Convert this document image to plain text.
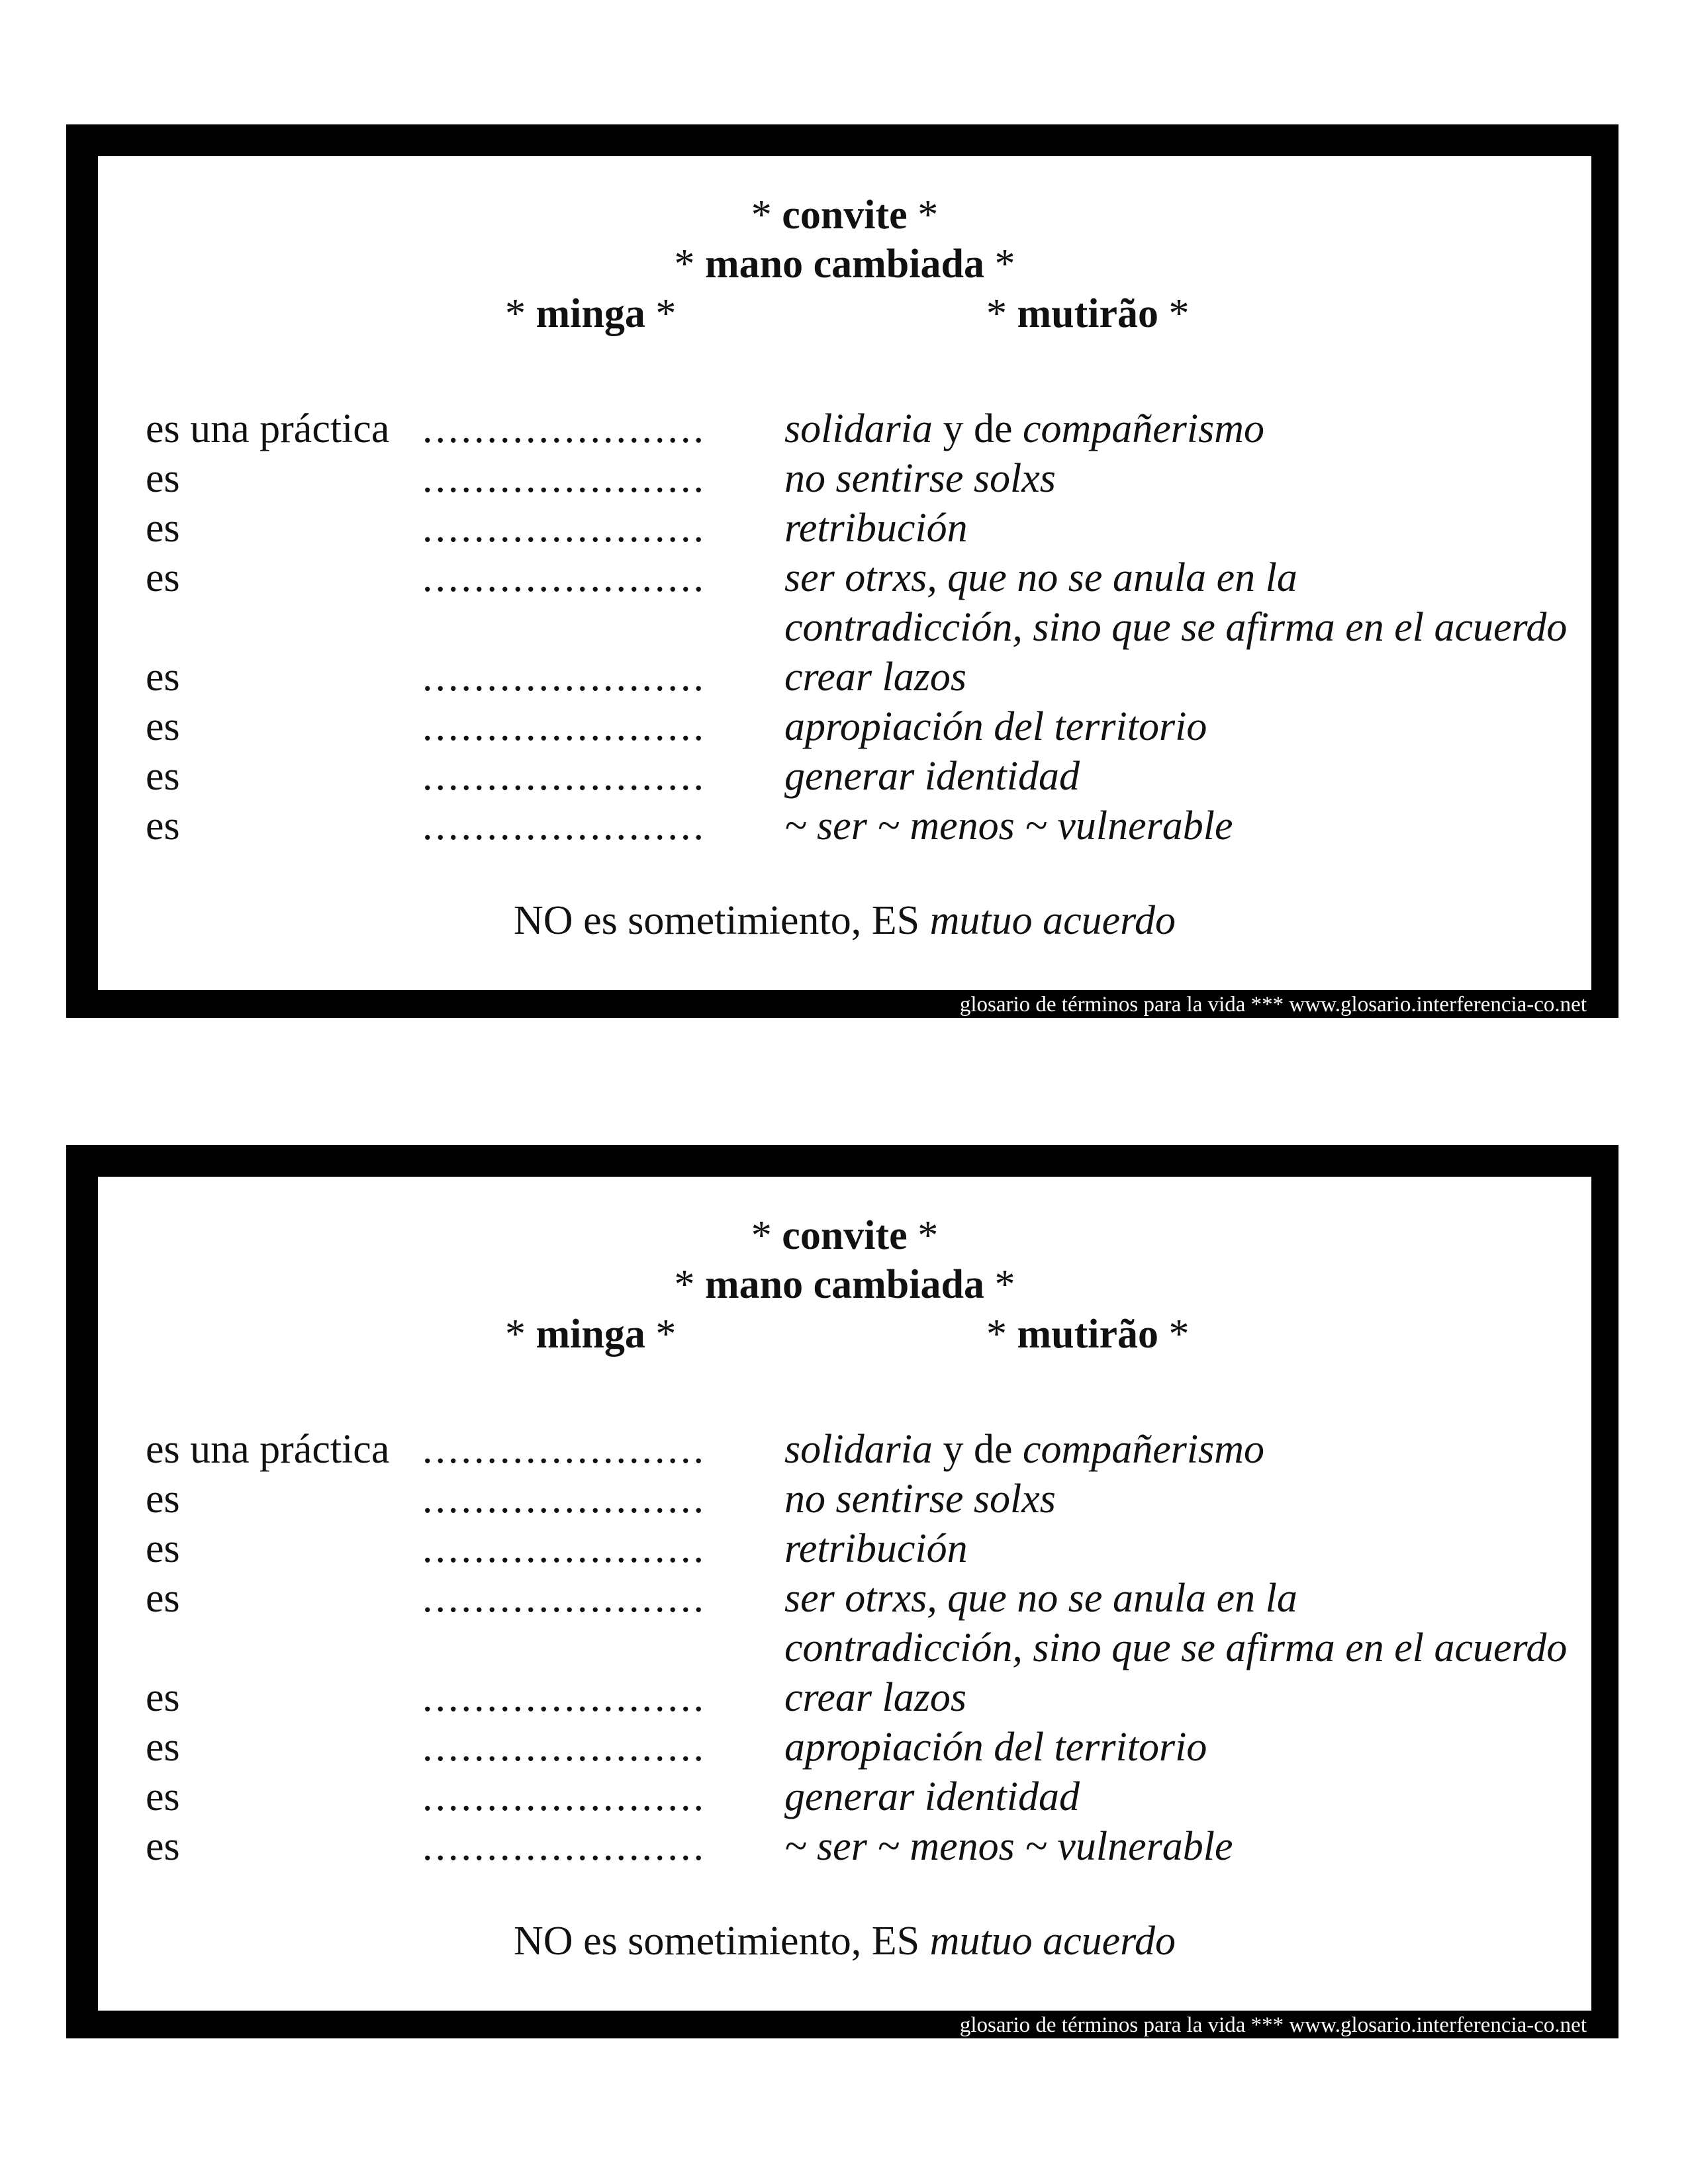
* convite *
* mano cambiada *
* minga *	* mutirão *
es una práctica ...................... solidaria y de compañerismo
es	...................... no sentirse solxs
es	...................... retribución
es	...................... ser otrxs, que no se anula en la
contradicción, sino que se afirma en el acuerdo
es	...................... crear lazos
es	...................... apropiación del territorio
es	...................... generar identidad
es	...................... ~ ser ~ menos ~ vulnerable
NO es sometimiento, ES mutuo acuerdo
glosario de términos para la vida *** www.glosario.interferencia-co.net
* convite *
* mano cambiada *
* minga *	* mutirão *
es una práctica ...................... solidaria y de compañerismo
es	...................... no sentirse solxs
es	...................... retribución
es	...................... ser otrxs, que no se anula en la
contradicción, sino que se afirma en el acuerdo
es	...................... crear lazos
es	...................... apropiación del territorio
es	...................... generar identidad
es	...................... ~ ser ~ menos ~ vulnerable
NO es sometimiento, ES mutuo acuerdo
glosario de términos para la vida *** www.glosario.interferencia-co.net
